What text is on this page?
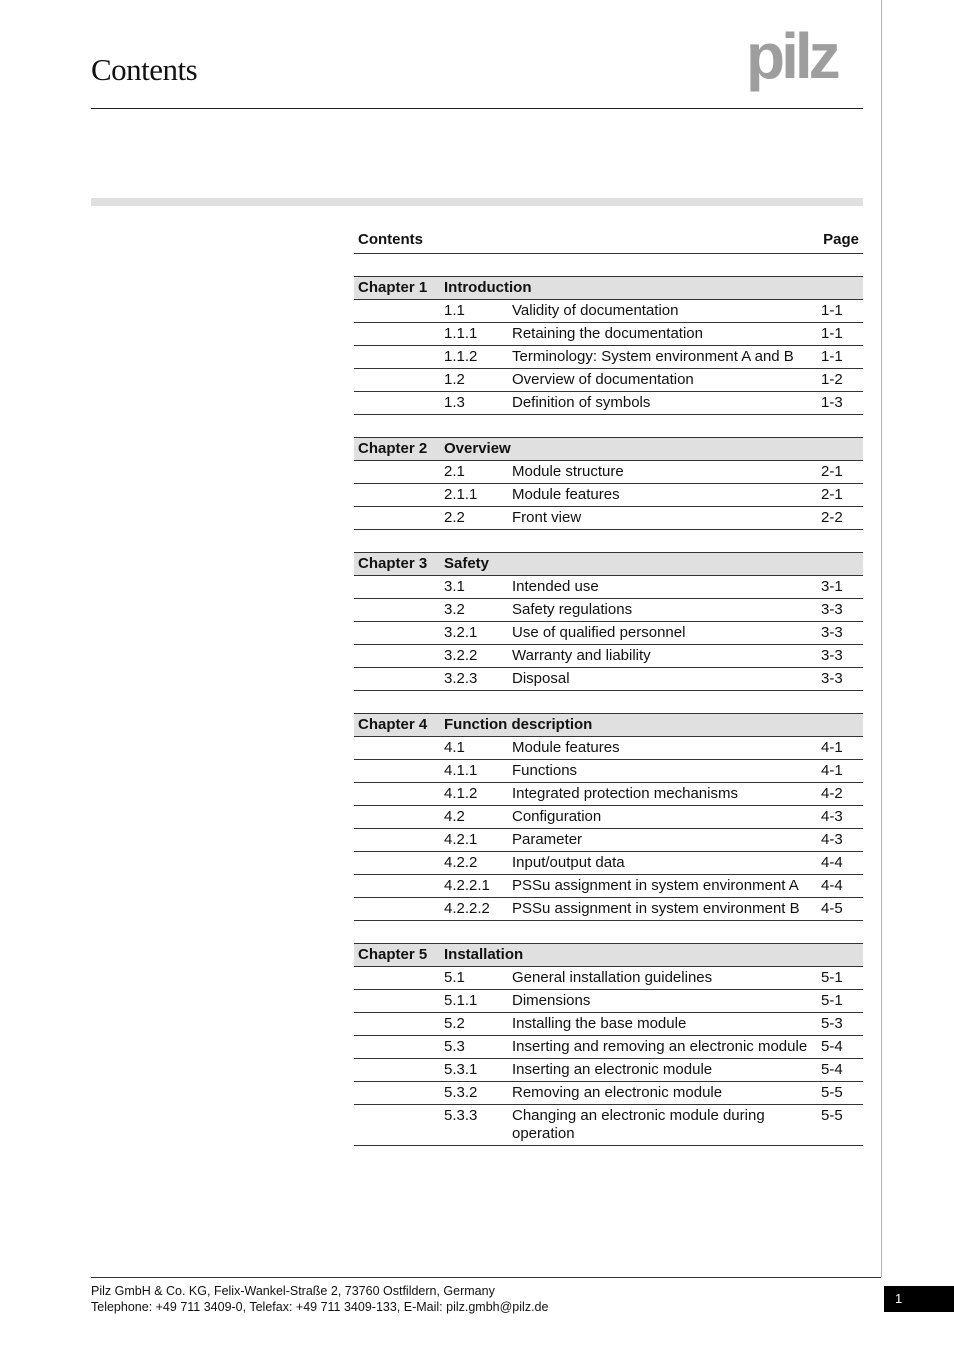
Contents	pilz
Contents	Page
Chapter 1	Introduction
1.1	Validity of documentation	1-1
1.1.1	Retaining the documentation	1-1
1.1.2	Terminology: System environment A and B	1-1
1.2	Overview of documentation	1-2
1.3	Definition of symbols	1-3
Chapter 2	Overview
2.1	Module structure	2-1
2.1.1	Module features	2-1
2.2	Front view	2-2
Chapter 3	Safety
3.1	Intended use	3-1
3.2	Safety regulations	3-3
3.2.1	Use of qualified personnel	3-3
3.2.2	Warranty and liability	3-3
3.2.3	Disposal	3-3
Chapter 4	Function description
4.1	Module features	4-1
4.1.1	Functions	4-1
4.1.2	Integrated protection mechanisms	4-2
4.2	Configuration	4-3
4.2.1	Parameter	4-3
4.2.2	Input/output data	4-4
4.2.2.1	PSSu assignment in system environment A	4-4
4.2.2.2	PSSu assignment in system environment B	4-5
Chapter 5	Installation
5.1	General installation guidelines	5-1
5.1.1	Dimensions	5-1
5.2	Installing the base module	5-3
5.3	Inserting and removing an electronic module 5-4
5.3.1	Inserting an electronic module	5-4
5.3.2	Removing an electronic module	5-5
5.3.3	Changing an electronic module during operation
5-5
Pilz GmbH & Co. KG, Felix-Wankel-Straße 2, 73760 Ostfildern, Germany
Telephone: +49 711 3409-0, Telefax: +49 711 3409-133, E-Mail: pilz.gmbh@pilz.de
1
